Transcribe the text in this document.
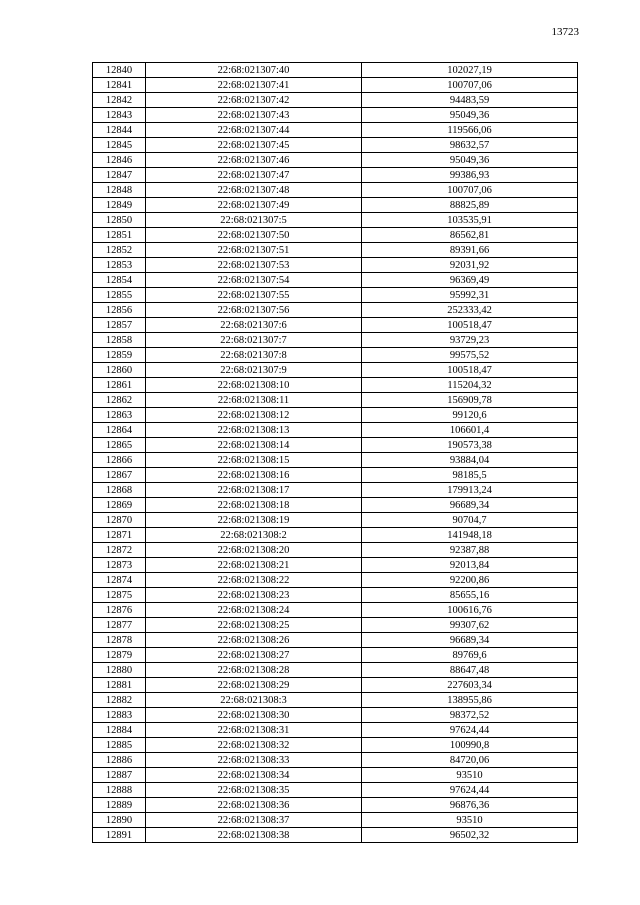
13723
12840	22:68:021307:40	102027,19
12841	22:68:021307:41	100707,06
12842	22:68:021307:42	94483,59
12843	22:68:021307:43	95049,36
12844	22:68:021307:44	119566,06
12845	22:68:021307:45	98632,57
12846	22:68:021307:46	95049,36
12847	22:68:021307:47	99386,93
12848	22:68:021307:48	100707,06
12849	22:68:021307:49	88825,89
12850	22:68:021307:5	103535,91
12851	22:68:021307:50	86562,81
12852	22:68:021307:51	89391,66
12853	22:68:021307:53	92031,92
12854	22:68:021307:54	96369,49
12855	22:68:021307:55	95992,31
12856	22:68:021307:56	252333,42
12857	22:68:021307:6	100518,47
12858	22:68:021307:7	93729,23
12859	22:68:021307:8	99575,52
12860	22:68:021307:9	100518,47
12861	22:68:021308:10	115204,32
12862	22:68:021308:11	156909,78
12863	22:68:021308:12	99120,6
12864	22:68:021308:13	106601,4
12865	22:68:021308:14	190573,38
12866	22:68:021308:15	93884,04
12867	22:68:021308:16	98185,5
12868	22:68:021308:17	179913,24
12869	22:68:021308:18	96689,34
12870	22:68:021308:19	90704,7
12871	22:68:021308:2	141948,18
12872	22:68:021308:20	92387,88
12873	22:68:021308:21	92013,84
12874	22:68:021308:22	92200,86
12875	22:68:021308:23	85655,16
12876	22:68:021308:24	100616,76
12877	22:68:021308:25	99307,62
12878	22:68:021308:26	96689,34
12879	22:68:021308:27	89769,6
12880	22:68:021308:28	88647,48
12881	22:68:021308:29	227603,34
12882	22:68:021308:3	138955,86
12883	22:68:021308:30	98372,52
12884	22:68:021308:31	97624,44
12885	22:68:021308:32	100990,8
12886	22:68:021308:33	84720,06
12887	22:68:021308:34	93510
12888	22:68:021308:35	97624,44
12889	22:68:021308:36	96876,36
12890	22:68:021308:37	93510
12891	22:68:021308:38	96502,32
